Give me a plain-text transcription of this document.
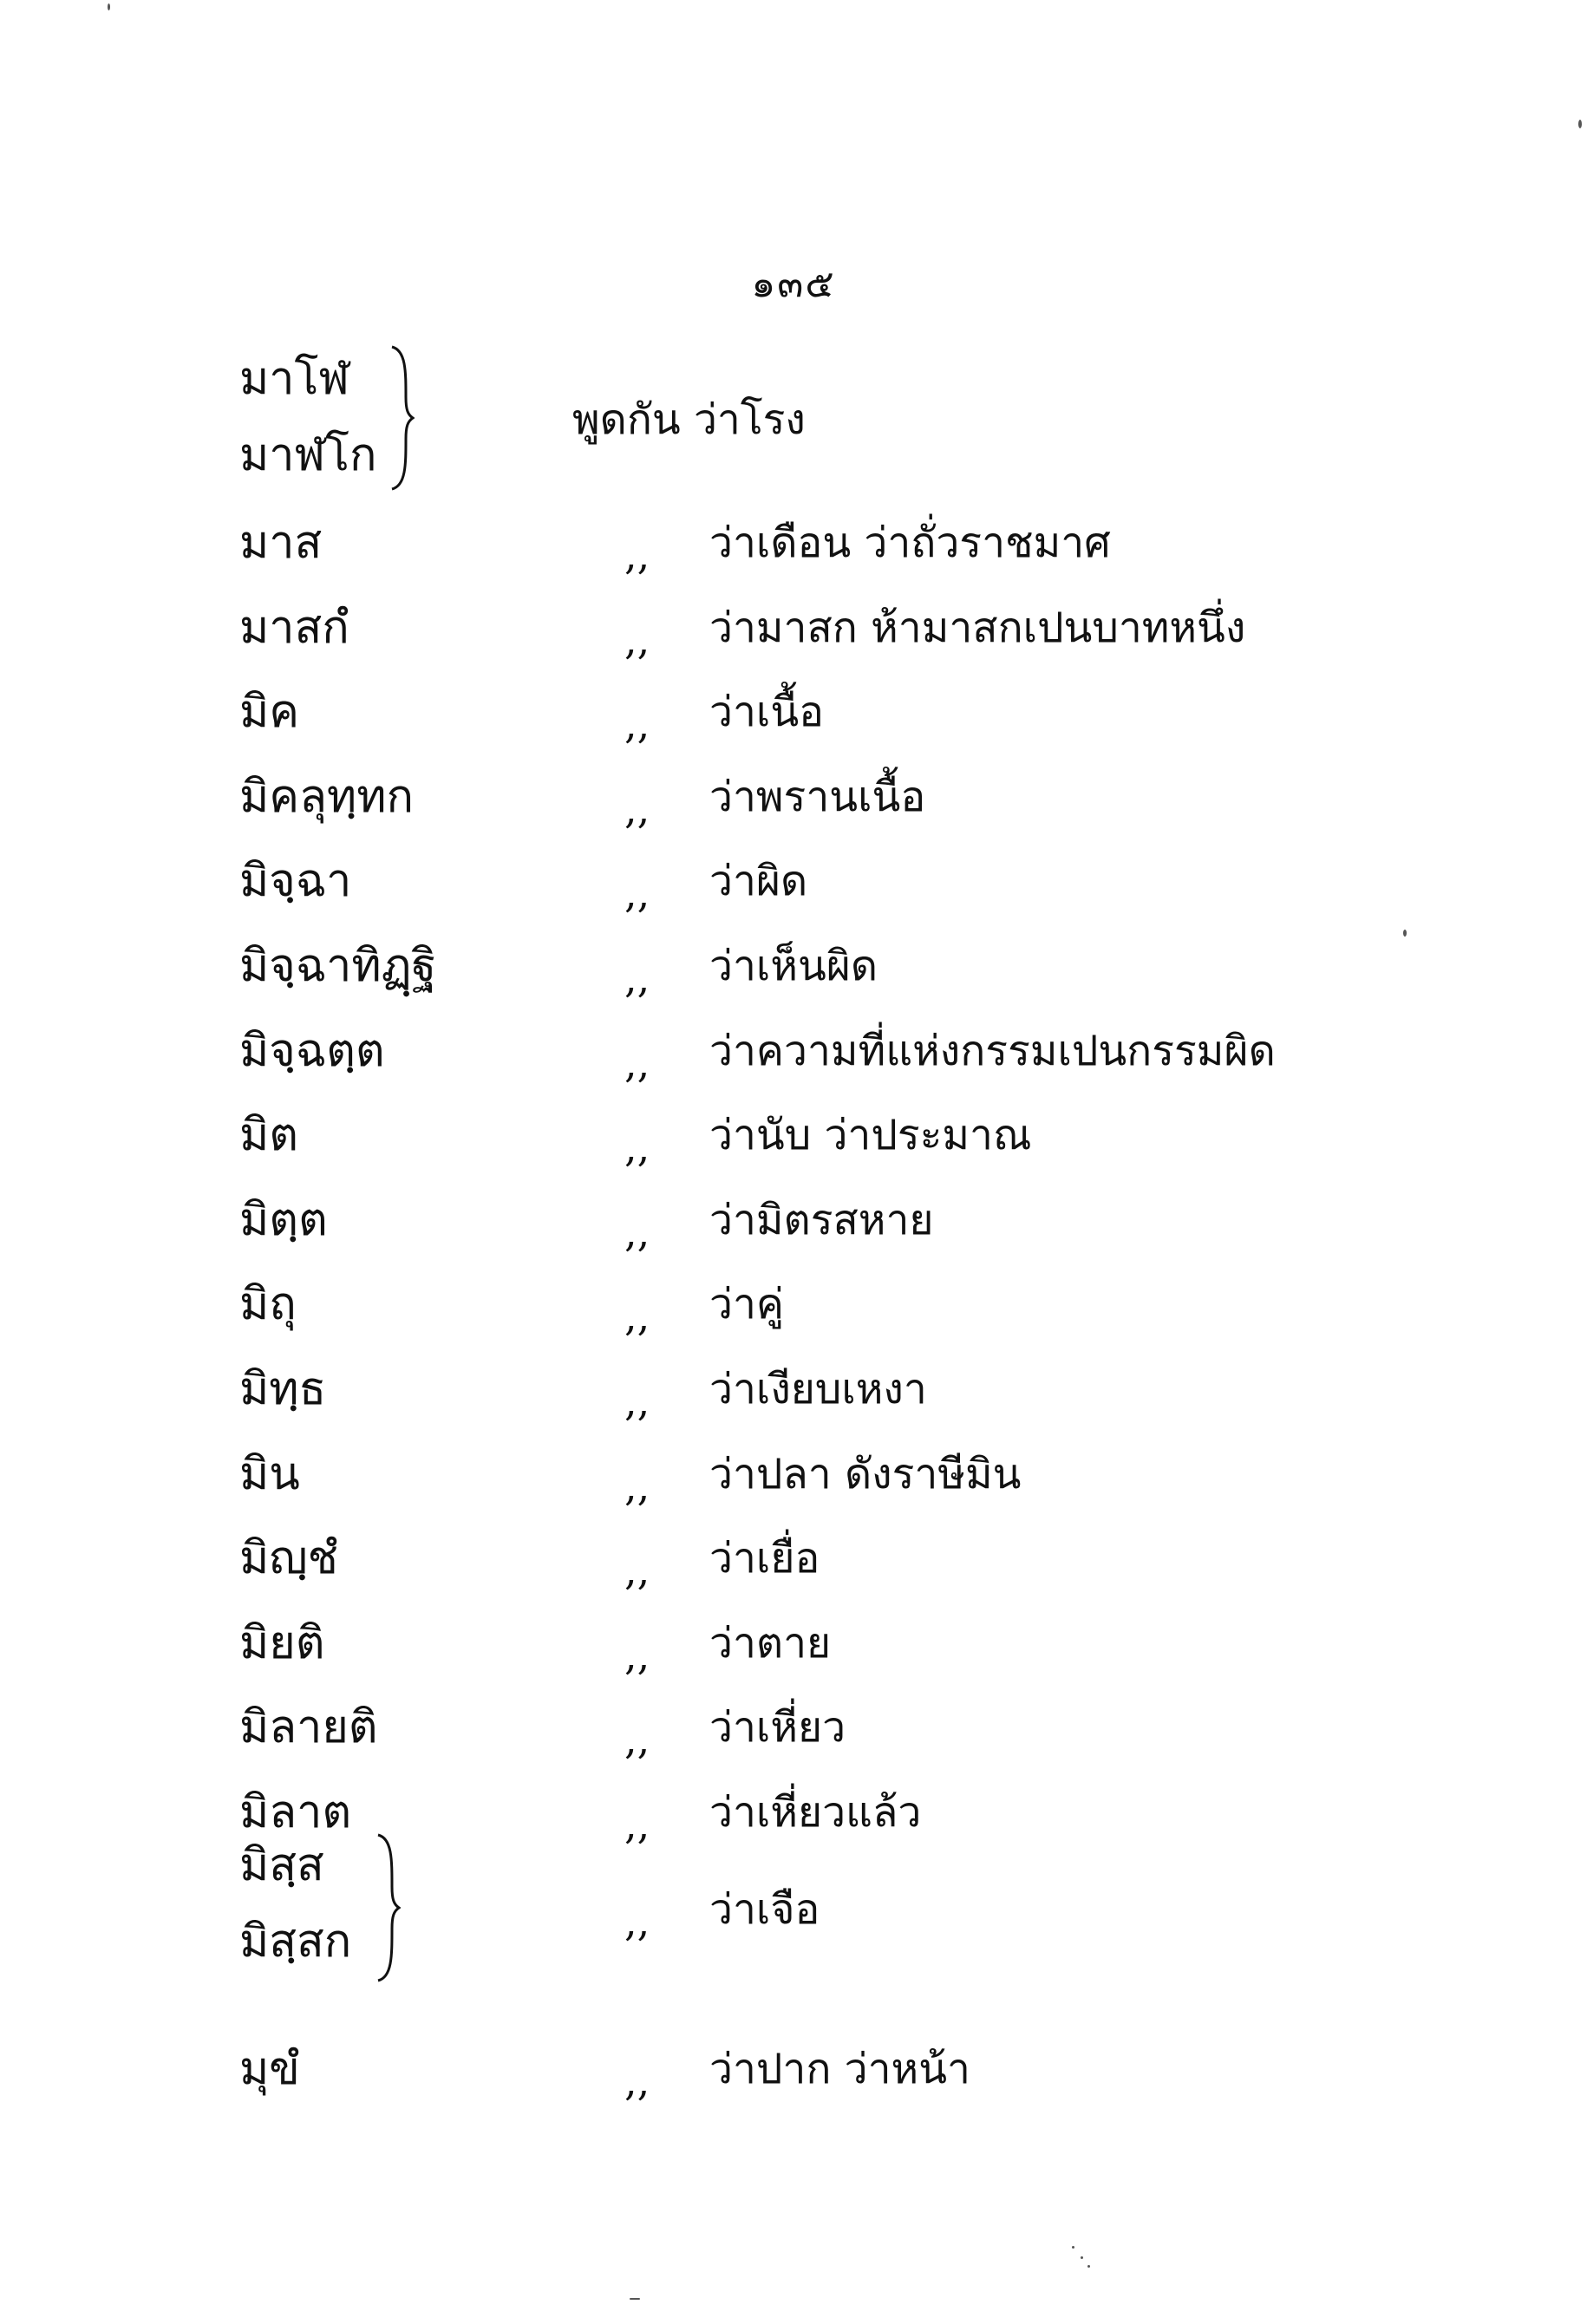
๑๓๕
มาโฬ
มาฬโก
พูดกัน ว่าโรง
มาส	,, ว่าเดือน ว่าถั่วราชมาศ
มาสกํ	,, ว่ามาสก ห้ามาสกเปนบาทหนึ่ง
มิค	,, ว่าเนื้อ
มิคลุทฺทก	,, ว่าพรานเนื้อ
มิจฺฉา	,, ว่าผิด
มิจฺฉาทิฏฺฐิ	,, ว่าเห็นผิด
มิจฺฉตฺต	,, ว่าความที่แห่งกรรมเปนกรรมผิด
มิต	,, ว่านับ ว่าประมาณ
มิตฺต	,, ว่ามิตรสหาย
มิถุ	,, ว่าคู่
มิทฺธ	,, ว่าเงียบเหงา
มิน	,, ว่าปลา ดังราษีมิน
มิญฺชํ	,, ว่าเยื่อ
มิยติ	,, ว่าตาย
มิลายติ	,, ว่าเหี่ยว
มิลาต	,, ว่าเหี่ยวแล้ว
มิสฺส
มิสฺสก	,, ว่าเจือ
มุขํ	,, ว่าปาก ว่าหน้า
